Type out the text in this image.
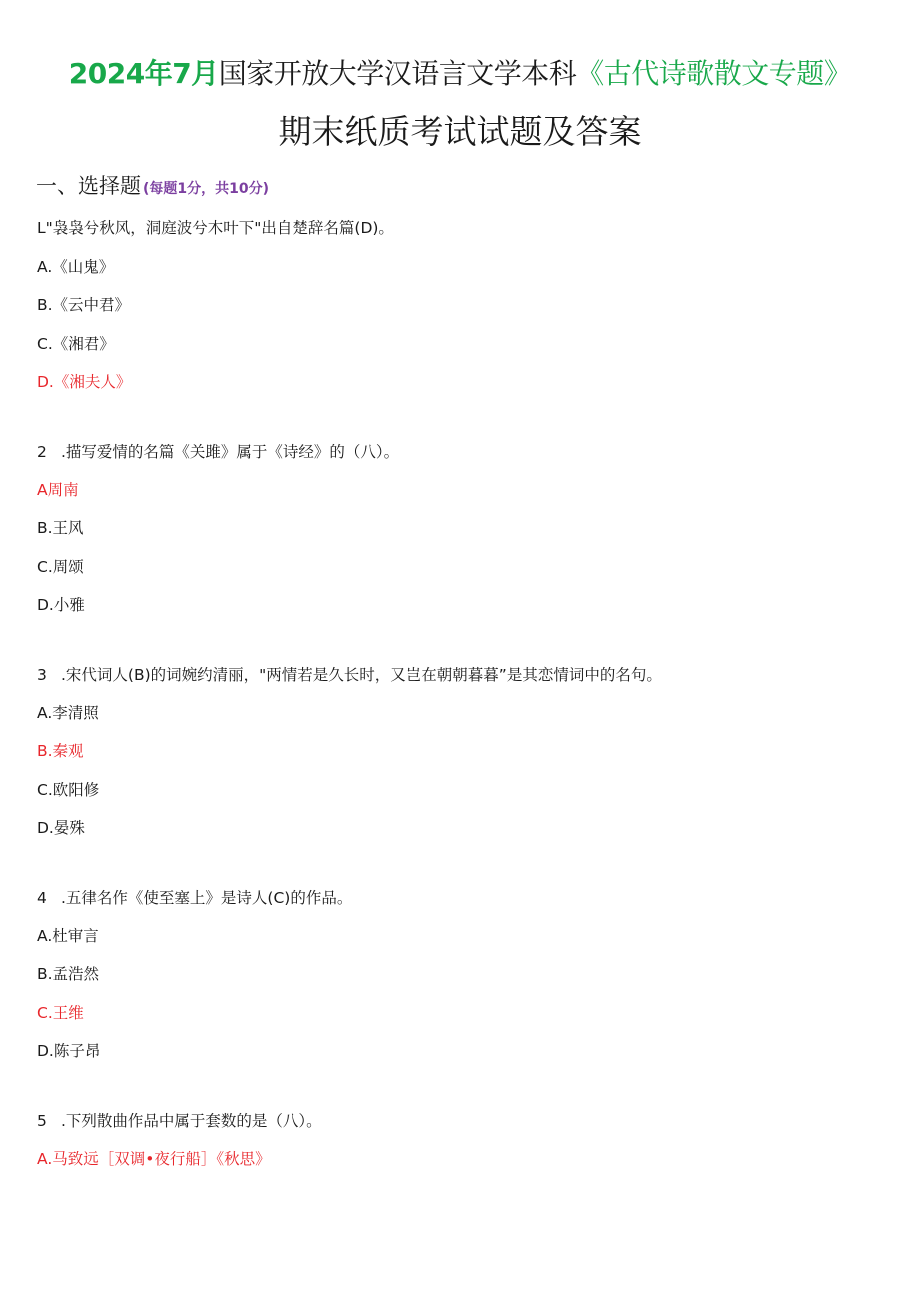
2024年7月国家开放大学汉语言文学本科《古代诗歌散文专题》
期末纸质考试试题及答案
一、选择题 (每题1分，共10分)
L"袅袅兮秋风，洞庭波兮木叶下"出自楚辞名篇(D)。
A.《山鬼》
B.《云中君》
C.《湘君》
D.《湘夫人》
2 .描写爱情的名篇《关雎》属于《诗经》的（八）。
A周南
B.王风
C.周颂
D.小雅
3 .宋代词人(B)的词婉约清丽，"两情若是久长时，又岂在朝朝暮暮”是其恋情词中的名句。
A.李清照
B.秦观
C.欧阳修
D.晏殊
4 .五律名作《使至塞上》是诗人(C)的作品。
A.杜审言
B.孟浩然
C.王维
D.陈子昂
5 .下列散曲作品中属于套数的是（八）。
A.马致远［双调•夜行船］《秋思》
